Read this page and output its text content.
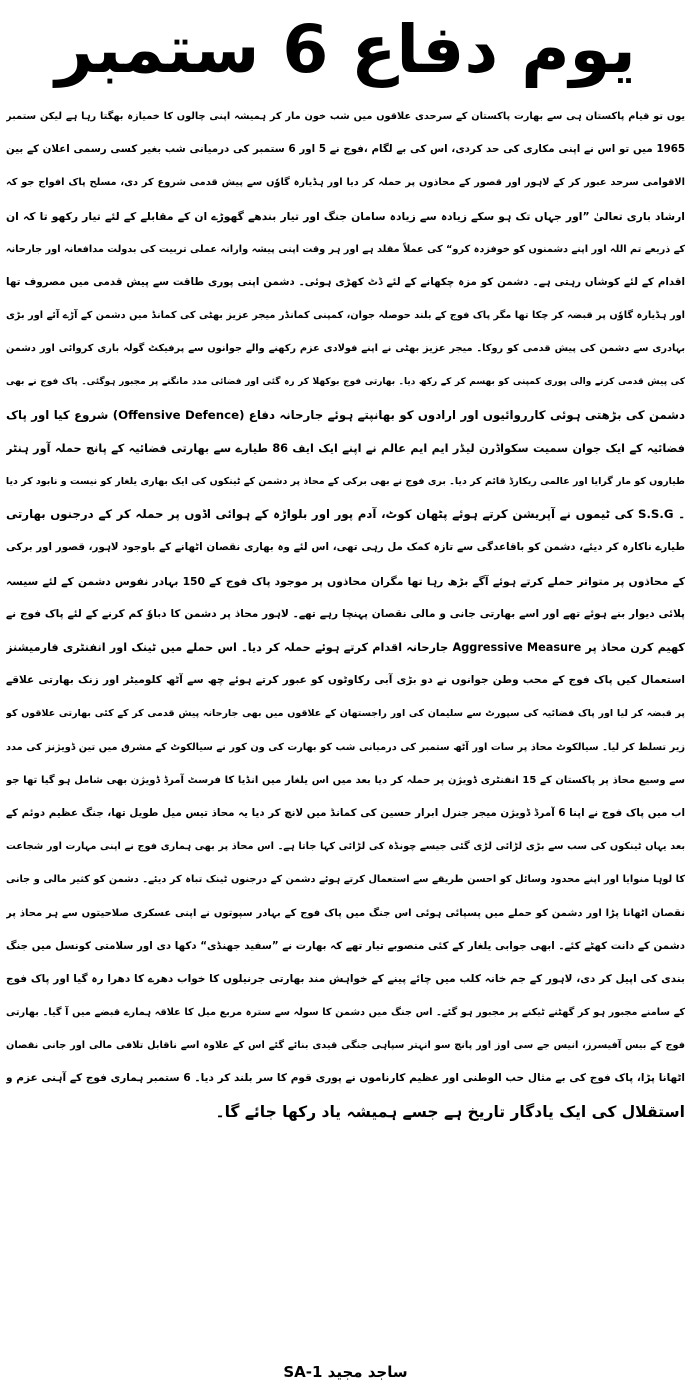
یوم دفاع 6 ستمبر
یوں تو قیام پاکستان ہی سے بھارت پاکستان کے سرحدی علاقوں میں شب خون مار کر ہمیشہ اپنی چالوں کا خمیازہ بھگتا رہا ہے لیکن ستمبر
1965 میں تو اس نے اپنی مکاری کی حد کردی، اس کی بے لگام ،فوج نے 5 اور 6 ستمبر کی درمیانی شب بغیر کسی رسمی اعلان کے بین
الاقوامی سرحد عبور کر کے لاہور اور قصور کے محاذوں پر حملہ کر دیا اور ہڈیارہ گاوٗں سے پیش قدمی شروع کر دی، مسلح پاک افواج جو کہ
ارشاد باری تعالیٰ ”اور جہاں تک ہو سکے زیادہ سے زیادہ سامان جنگ اور تیار بندھے گھوڑے ان کے مقابلے کے لئے تیار رکھو تا کہ ان
کے ذریعے تم اللہ اور اپنے دشمنوں کو خوفزدہ کرو“ کی عملاً مقلد ہے اور ہر وقت اپنی پیشہ وارانہ عملی تربیت کی بدولت مدافعانہ اور جارحانہ
اقدام کے لئے کوشاں رہتی ہے۔ دشمن کو مزہ چکھانے کے لئے ڈٹ کھڑی ہوئی۔ دشمن اپنی پوری طاقت سے پیش قدمی میں مصروف تھا
اور ہڈیارہ گاوٗں پر قبضہ کر چکا تھا مگر پاک فوج کے بلند حوصلہ جوان، کمپنی کمانڈر میجر عزیز بھٹی کی کمانڈ میں دشمن کے آڑے آئے اور بڑی
بہادری سے دشمن کی پیش قدمی کو روکا۔ میجر عزیز بھٹی نے اپنے فولادی عزم رکھنے والے جوانوں سے پرفیکٹ گولہ باری کروائی اور دشمن
کی پیش قدمی کرنے والی پوری کمپنی کو بھسم کر کے رکھ دیا۔ بھارتی فوج بوکھلا کر رہ گئی اور فضائی مدد مانگنے پر مجبور ہوگئی۔ پاک فوج نے بھی
دشمن کی بڑھتی ہوئی کارروائیوں اور ارادوں کو بھانپتے ہوئے جارحانہ دفاع (Offensive Defence) شروع کیا اور پاک
فضائیہ کے ایک جوان سمیت سکواڈرن لیڈر ایم ایم عالم نے اپنے ایک ایف 86 طیارے سے بھارتی فضائیہ کے پانچ حملہ آور ہنٹر
طیاروں کو مار گرایا اور عالمی ریکارڈ قائم کر دیا۔ بری فوج نے بھی برکی کے محاذ پر دشمن کے ٹینکوں کی ایک بھاری یلغار کو نیست و نابود کر دیا
۔ S.S.G کی ٹیموں نے آپریشن کرتے ہوئے پٹھان کوٹ، آدم پور اور بلواڑہ کے ہوائی اڈوں پر حملہ کر کے درجنوں بھارتی
طیارے ناکارہ کر دیئے، دشمن کو باقاعدگی سے تازہ کمک مل رہی تھی، اس لئے وہ بھاری نقصان اٹھانے کے باوجود لاہور، قصور اور برکی
کے محاذوں پر متواتر حملے کرتے ہوئے آگے بڑھ رہا تھا مگران محاذوں پر موجود پاک فوج کے 150 بہادر نفوس دشمن کے لئے سیسہ
پلائی دیوار بنے ہوئے تھے اور اسے بھارتی جانی و مالی نقصان پہنچا رہے تھے۔ لاہور محاذ پر دشمن کا دباوٗ کم کرنے کے لئے پاک فوج نے
کھیم کرن محاذ پر Aggressive Measure جارحانہ اقدام کرتے ہوئے حملہ کر دیا۔ اس حملے میں ٹینک اور انفنٹری فارمیشنز
استعمال کیں پاک فوج کے محب وطن جوانوں نے دو بڑی آبی رکاوٹوں کو عبور کرتے ہوئے چھ سے آٹھ کلومیٹر اور زنک بھارتی علاقے
پر قبضہ کر لیا اور پاک فضائیہ کی سپورٹ سے سلیمان کی اور راجستھان کے علاقوں میں بھی جارحانہ پیش قدمی کر کے کئی بھارتی علاقوں کو
زیر تسلط کر لیا۔ سیالکوٹ محاذ پر سات اور آٹھ ستمبر کی درمیانی شب کو بھارت کی ون کور نے سیالکوٹ کے مشرق میں تین ڈویژنز کی مدد
سے وسیع محاذ پر پاکستان کے 15 انفنٹری ڈویژن پر حملہ کر دیا بعد میں اس یلغار میں انڈیا کا فرسٹ آمرڈ ڈویژن بھی شامل ہو گیا تھا جو
اب میں پاک فوج نے اپنا 6 آمرڈ ڈویژن میجر جنرل ابرار حسین کی کمانڈ میں لانچ کر دیا یہ محاذ تیس میل طویل تھا، جنگ عظیم دوئم کے
بعد یہاں ٹینکوں کی سب سے بڑی لڑائی لڑی گئی جیسے چونڈہ کی لڑائی کہا جاتا ہے۔ اس محاذ پر بھی ہماری فوج نے اپنی مہارت اور شجاعت
کا لوہا منوایا اور اپنے محدود وسائل کو احسن طریقے سے استعمال کرتے ہوئے دشمن کے درجنوں ٹینک تباہ کر دیئے۔ دشمن کو کثیر مالی و جانی
نقصان اٹھانا پڑا اور دشمن کو حملے میں پسپائی ہوئی اس جنگ میں پاک فوج کے بہادر سپوتوں نے اپنی عسکری صلاحیتوں سے ہر محاذ پر
دشمن کے دانت کھٹے کئے۔ ابھی جوابی یلغار کے کئی منصوبے تیار تھے کہ بھارت نے ”سفید جھنڈی“ دکھا دی اور سلامتی کونسل میں جنگ
بندی کی اپیل کر دی، لاہور کے جم خانہ کلب میں چائے پینے کے خواہش مند بھارتی جرنیلوں کا خواب دھرے کا دھرا رہ گیا اور پاک فوج
کے سامنے مجبور ہو کر گھٹنے ٹیکنے پر مجبور ہو گئے۔ اس جنگ میں دشمن کا سولہ سے سترہ مربع میل کا علاقہ ہمارے قبضے میں آ گیا۔ بھارتی
فوج کے بیس آفیسرز، انیس جے سی اوز اور پانچ سو انہتر سپاہی جنگی قیدی بنائے گئے اس کے علاوہ اسے ناقابل تلافی مالی اور جانی نقصان
اٹھانا پڑا، پاک فوج کی بے مثال حب الوطنی اور عظیم کارناموں نے پوری قوم کا سر بلند کر دیا۔ 6 ستمبر ہماری فوج کے آہنی عزم و
استقلال کی ایک یادگار تاریخ ہے جسے ہمیشہ یاد رکھا جائے گا۔
ساجد مجید SA-1
